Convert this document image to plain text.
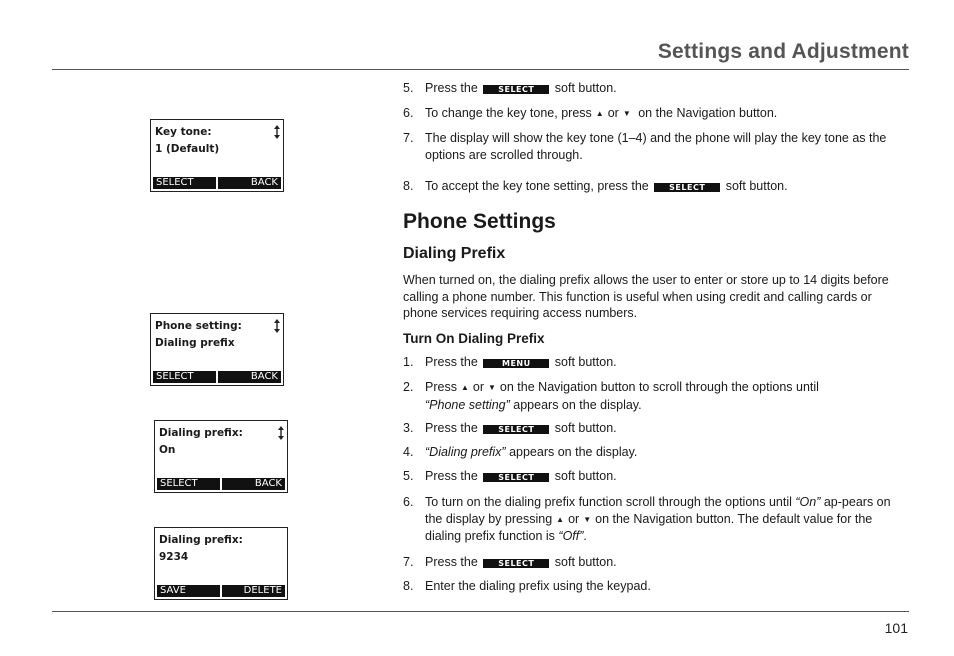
Settings and Adjustment
101
Key tone:
1 (Default)
SELECT	BACK
Phone setting:
Dialing prefix
SELECT	BACK
Dialing prefix:
On
SELECT	BACK
Dialing prefix:
9234
SAVE	DELETE
5. Press the	SELECT soft button.
6. To change the key tone, press ▲ or ▼ on the Navigation button.
7. The display will show the key tone (1–4) and the phone will play the key tone as the options are scrolled through.
8. To accept the key tone setting, press the	SELECT soft button.
Phone Settings
Dialing Prefix
When turned on, the dialing prefix allows the user to enter or store up to 14 digits before calling a phone number. This function is useful when using credit and calling cards or phone services requiring access numbers.
Turn On Dialing Prefix
1. Press the	MENU soft button.
2. Press ▲ or ▼ on the Navigation button to scroll through the options until
“Phone setting” appears on the display.
3. Press the	SELECT soft button.
4. “Dialing prefix” appears on the display.
5. Press the	SELECT soft button.
6. To turn on the dialing prefix function scroll through the options until “On” ap-pears on the display by pressing ▲ or ▼ on the Navigation button. The default value for the dialing prefix function is “Off”.
7. Press the	SELECT soft button.
8. Enter the dialing prefix using the keypad.
